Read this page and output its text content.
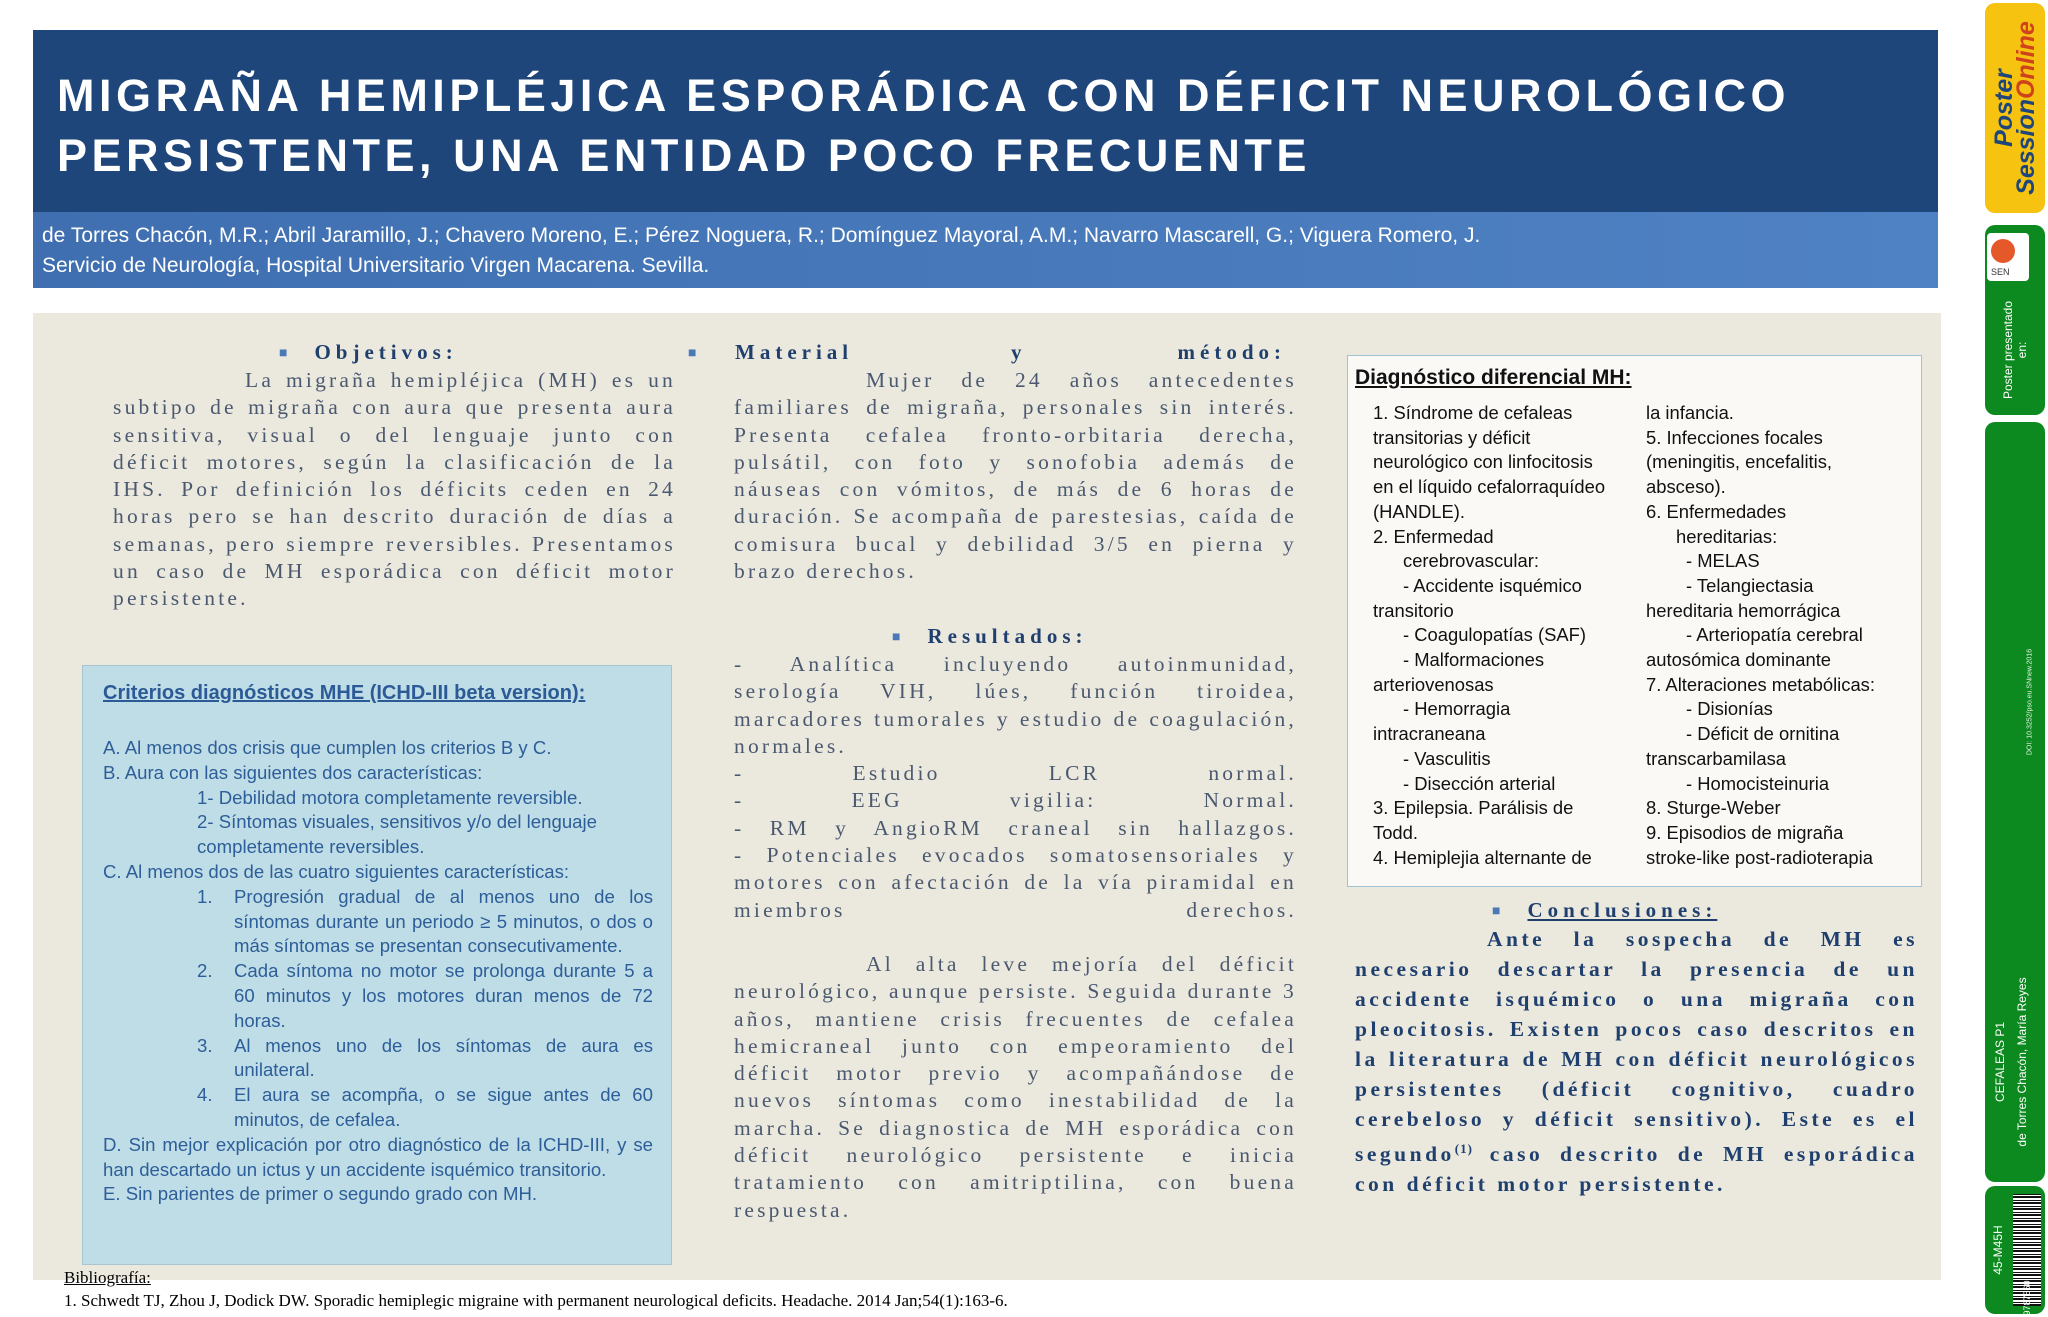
MIGRAÑA HEMIPLÉJICA ESPORÁDICA CON DÉFICIT NEUROLÓGICO
PERSISTENTE, UNA ENTIDAD POCO FRECUENTE
de Torres Chacón, M.R.; Abril Jaramillo, J.; Chavero Moreno, E.; Pérez Noguera, R.; Domínguez Mayoral, A.M.; Navarro Mascarell, G.; Viguera Romero, J.
Servicio de Neurología, Hospital Universitario Virgen Macarena. Sevilla.
■ Objetivos:

La migraña hemipléjica (MH) es un subtipo de migraña con aura que presenta aura sensitiva, visual o del lenguaje junto con déficit motores, según la clasificación de la IHS. Por definición los déficits ceden en 24 horas pero se han descrito duración de días a semanas, pero siempre reversibles. Presentamos un caso de MH esporádica con déficit motor persistente.

Criterios diagnósticos MHE (ICHD-III beta version):
A. Al menos dos crisis que cumplen los criterios B y C.
B. Aura con las siguientes dos características:
1- Debilidad motora completamente reversible.
2- Síntomas visuales, sensitivos y/o del lenguaje completamente reversibles.
C. Al menos dos de las cuatro siguientes características:
1.	Progresión gradual de al menos uno de los síntomas durante un periodo ≥ 5 minutos, o dos o más síntomas se presentan consecutivamente.
2.	Cada síntoma no motor se prolonga durante 5 a 60 minutos y los motores duran menos de 72 horas.
3.	Al menos uno de los síntomas de aura es unilateral.
4.	El aura se acompña, o se sigue antes de 60 minutos, de cefalea.
D. Sin mejor explicación por otro diagnóstico de la ICHD-III, y se han descartado un ictus y un accidente isquémico transitorio.
E. Sin parientes de primer o segundo grado con MH.
■ Material	y	método:

Mujer de 24 años antecedentes familiares de migraña, personales sin interés. Presenta cefalea fronto-orbitaria derecha, pulsátil, con foto y sonofobia además de náuseas con vómitos, de más de 6 horas de duración. Se acompaña de parestesias, caída de comisura bucal y debilidad 3/5 en pierna y brazo derechos.

■ Resultados:

- Analítica incluyendo autoinmunidad, serología VIH, lúes, función tiroidea, marcadores tumorales y estudio de coagulación, normales.

- Estudio LCR normal.

- EEG vigilia: Normal.

- RM y AngioRM craneal sin hallazgos.

- Potenciales evocados somatosensoriales y motores con afectación de la vía piramidal en miembros derechos.

Al alta leve mejoría del déficit neurológico, aunque persiste. Seguida durante 3 años, mantiene crisis frecuentes de cefalea hemicraneal junto con empeoramiento del déficit motor previo y acompañándose de nuevos síntomas como inestabilidad de la marcha. Se diagnostica de MH esporádica con déficit neurológico persistente e inicia tratamiento con amitriptilina, con buena respuesta.

Diagnóstico diferencial MH:
1. Síndrome de cefaleas
transitorias y déficit
neurológico con linfocitosis
en el líquido cefalorraquídeo
(HANDLE).
2. Enfermedad
cerebrovascular:
- Accidente isquémico
transitorio
- Coagulopatías (SAF)
- Malformaciones
arteriovenosas
- Hemorragia
intracraneana
- Vasculitis
- Disección arterial
3. Epilepsia. Parálisis de
Todd.
4. Hemiplejia alternante de
la infancia.
5. Infecciones focales
(meningitis, encefalitis,
absceso).
6. Enfermedades
hereditarias:
- MELAS
- Telangiectasia
hereditaria hemorrágica
- Arteriopatía cerebral
autosómica dominante
7. Alteraciones metabólicas:
- Disionías
- Déficit de ornitina
transcarbamilasa
- Homocisteinuria
8. Sturge-Weber
9. Episodios de migraña
stroke-like post-radioterapia
■ Conclusiones:

Ante la sospecha de MH es necesario descartar la presencia de un accidente isquémico o una migraña con pleocitosis. Existen pocos caso descritos en la literatura de MH con déficit neurológicos persistentes (déficit cognitivo, cuadro cerebeloso y déficit sensitivo). Este es el segundo$^{(1)}$ caso descrito de MH esporádica con déficit motor persistente.

Bibliografía:
1. Schwedt TJ, Zhou J, Dodick DW. Sporadic hemiplegic migraine with permanent neurological deficits. Headache. 2014 Jan;54(1):163-6.
Poster
SessionOnline
SEN
Poster presentado en:
DOI: 10.3252/pso.eu.SNnew.2016
CEFALEAS P1 de Torres Chacón, María Reyes
45-M45H
9787560
